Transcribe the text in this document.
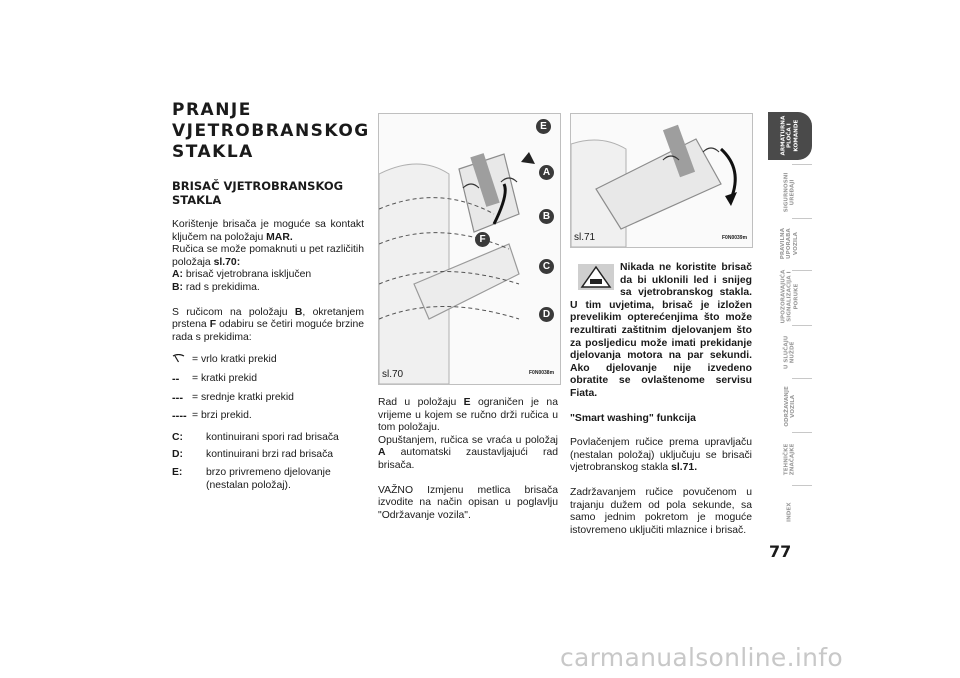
PRANJE
VJETROBRANSKOG
STAKLA
BRISAČ VJETROBRANSKOG
STAKLA

Korištenje brisača je moguće sa kontakt ključem na položaju MAR.
Ručica se može pomaknuti u pet različitih položaja sl.70:
A: brisač vjetrobrana isključen
B: rad s prekidima.

S ručicom na položaju B, okretanjem prstena F odabiru se četiri moguće brzine rada s prekidima:

= vrlo kratki prekid
--	= kratki prekid
--- = srednje kratki prekid
---- = brzi prekid.
C:	kontinuirani spori rad brisača
D:	kontinuirani brzi rad brisača
E:	brzo privremeno djelovanje (nestalan položaj).
E
A
B
C
D
F
sl.70	F0N0038m

Rad u položaju E ograničen je na vrijeme u kojem se ručno drži ručica u tom položaju.
Opuštanjem, ručica se vraća u položaj A automatski zaustavljajući rad brisača.

VAŽNO Izmjenu metlica brisača izvodite na način opisan u poglavlju "Održavanje vozila".

sl.71	F0N0039m

Nikada ne koristite brisač da bi uklonili led i snijeg sa vjetrobranskog stakla. U tim uvjetima, brisač je izložen prevelikim opterećenjima što može rezultirati zaštitnim djelovanjem što za posljedicu može imati prekidanje djelovanja motora na par sekundi. Ako djelovanje nije izvedeno obratite se ovlaštenome servisu Fiata.

"Smart washing" funkcija

Povlačenjem ručice prema upravljaču (nestalan položaj) uključuju se brisači vjetrobranskog stakla sl.71.

Zadržavanjem ručice povučenom u trajanju dužem od pola sekunde, sa samo jednim pokretom je moguće istovremeno uključiti mlaznice i brisač.

ARMATURNA
PLOČA I
KOMANDE
SIGURNOSNI
UREĐAJI
PRAVILNA
UPORABA
VOZILA
UPOZORAVAJUĆA
SIGNALIZACIJA I
PORUKE
U SLUČAJU
NUŽDE
ODRŽAVANJE
VOZILA
TEHNIČKE
ZNAČAJKE
INDEX
77
carmanualsonline.info
